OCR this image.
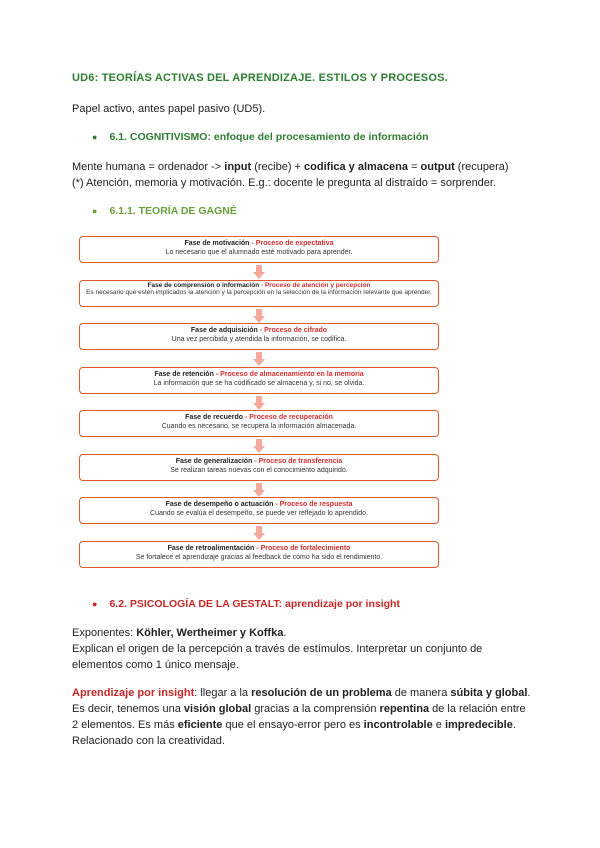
UD6: TEORÍAS ACTIVAS DEL APRENDIZAJE. ESTILOS Y PROCESOS.
Papel activo, antes papel pasivo (UD5).
● 6.1. COGNITIVISMO: enfoque del procesamiento de información
Mente humana = ordenador -> input (recibe) + codifica y almacena = output (recupera)
(*) Atención, memoria y motivación. E.g.: docente le pregunta al distraído = sorprender.
● 6.1.1. TEORÍA DE GAGNÉ
Fase de motivación - Proceso de expectativa
Lo necesario que el alumnado esté motivado para aprender.
Fase de comprensión o información - Proceso de atención y percepción
Es necesario que estén implicados la atención y la percepción en la selección de la información relevante que aprender.
Fase de adquisición - Proceso de cifrado
Una vez percibida y atendida la información, se codifica.
Fase de retención - Proceso de almacenamiento en la memoria
La información que se ha codificado se almacena y, si no, se olvida.
Fase de recuerdo - Proceso de recuperación
Cuando es necesario, se recupera la información almacenada.
Fase de generalización - Proceso de transferencia
Se realizan tareas nuevas con el conocimiento adquirido.
Fase de desempeño o actuación - Proceso de respuesta
Cuando se evalúa el desempeño, se puede ver reflejado lo aprendido.
Fase de retroalimentación - Proceso de fortalecimiento
Se fortalece el aprendizaje gracias al feedback de cómo ha sido el rendimiento.
● 6.2. PSICOLOGÍA DE LA GESTALT: aprendizaje por insight
Exponentes: Köhler, Wertheimer y Koffka.
Explican el origen de la percepción a través de estímulos. Interpretar un conjunto de elementos como 1 único mensaje.
Aprendizaje por insight: llegar a la resolución de un problema de manera súbita y global. Es decir, tenemos una visión global gracias a la comprensión repentina de la relación entre 2 elementos. Es más eficiente que el ensayo-error pero es incontrolable e impredecible. Relacionado con la creatividad.
